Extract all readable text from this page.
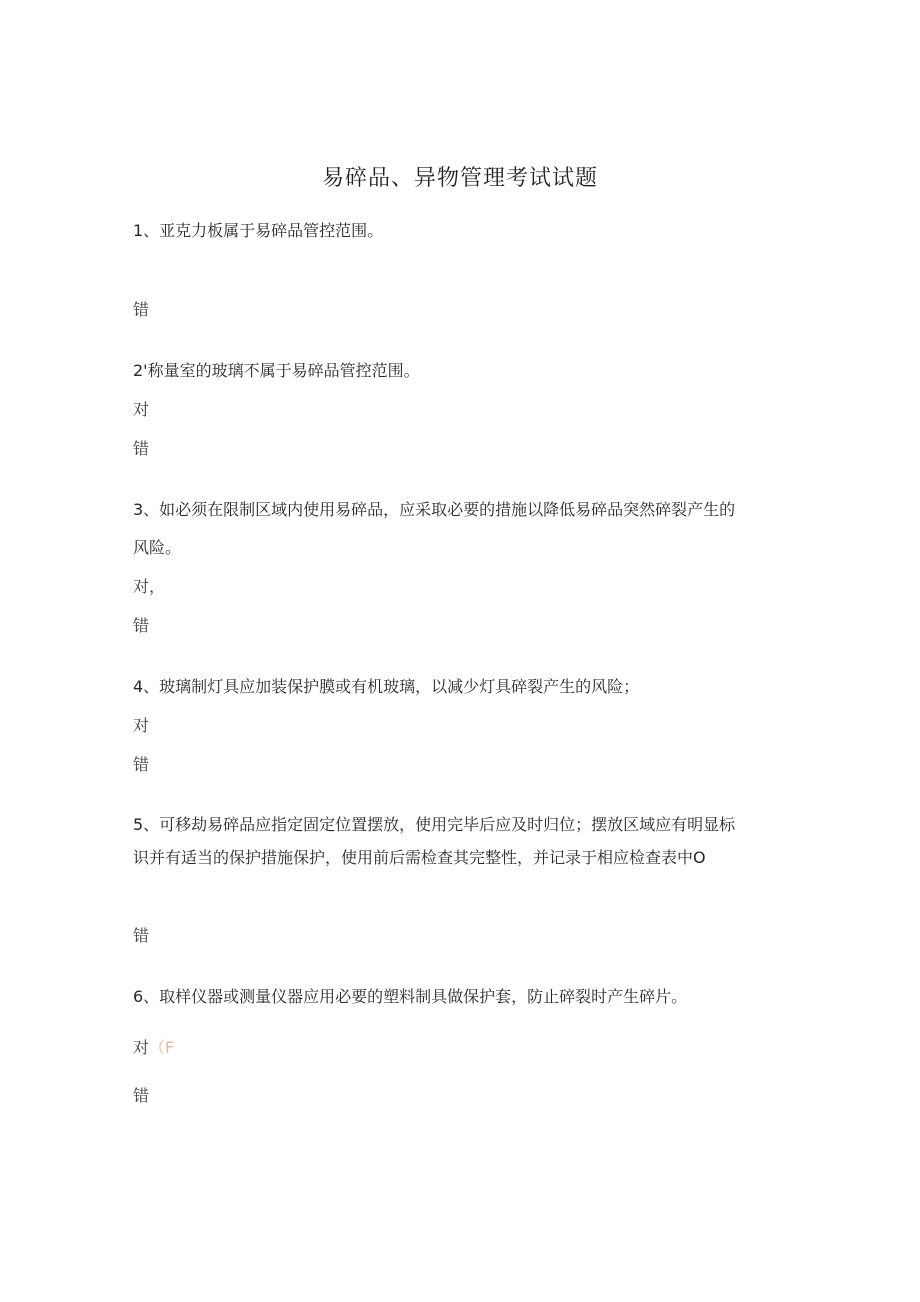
易碎品、异物管理考试试题
1、亚克力板属于易碎品管控范围。
错
2'称量室的玻璃不属于易碎品管控范围。
对
错
3、如必须在限制区域内使用易碎品，应采取必要的措施以降低易碎品突然碎裂产生的
风险。
对，
错
4、玻璃制灯具应加装保护膜或有机玻璃，以减少灯具碎裂产生的风险；
对
错
5、可移劫易碎品应指定固定位置摆放，使用完毕后应及时归位；摆放区域应有明显标
识并有适当的保护措施保护，使用前后需检查其完整性，并记录于相应检查表中O
错
6、取样仪器或测量仪器应用必要的塑料制具做保护套，防止碎裂时产生碎片。
对（F
错
